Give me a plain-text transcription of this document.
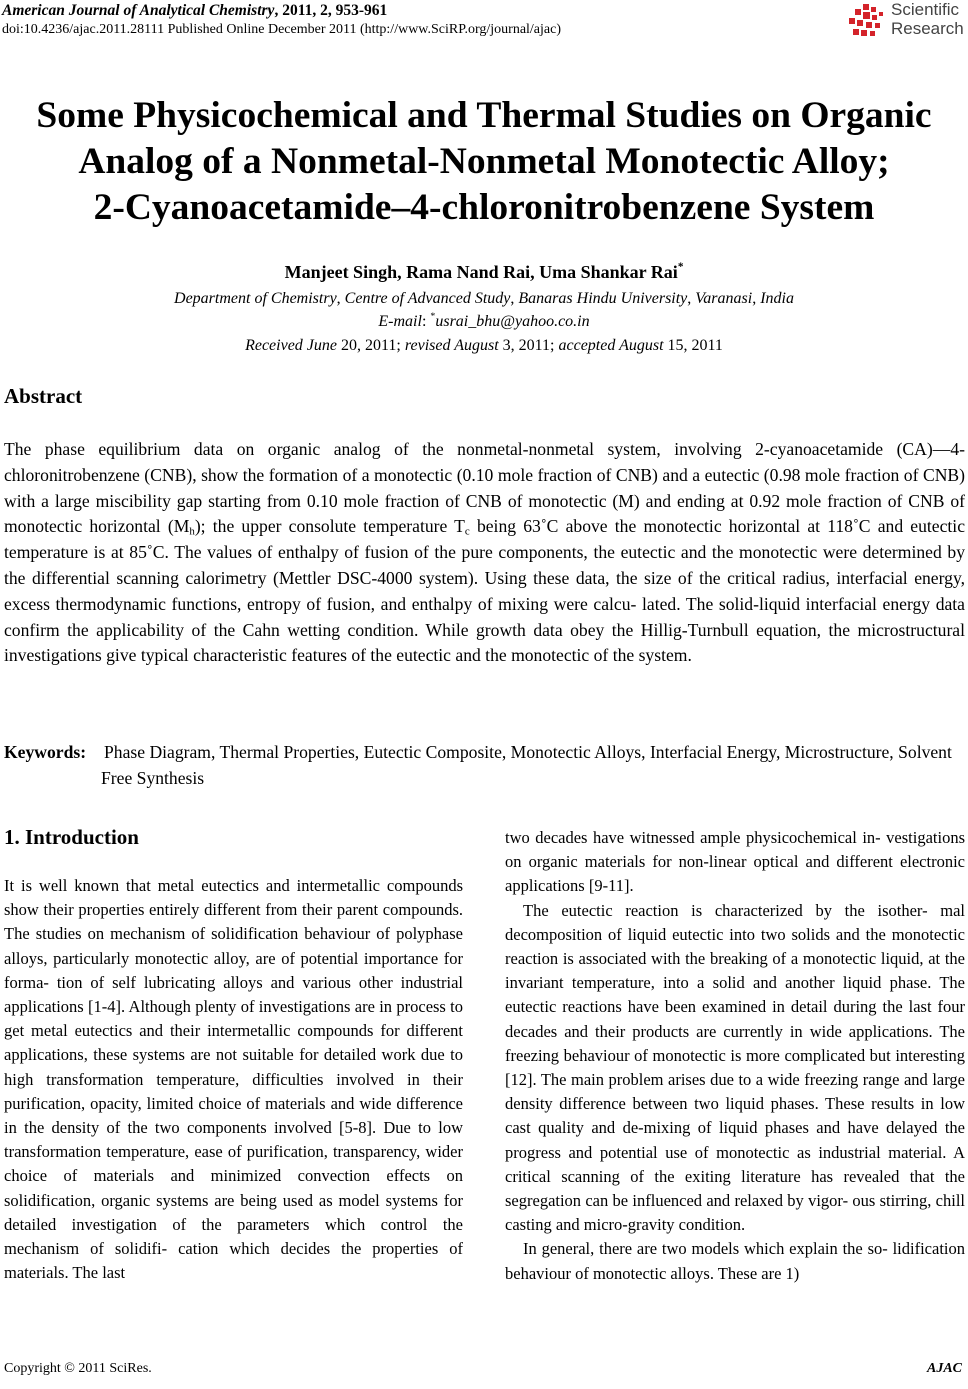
American Journal of Analytical Chemistry, 2011, 2, 953-961
doi:10.4236/ajac.2011.28111 Published Online December 2011 (http://www.SciRP.org/journal/ajac)
Scientific
Research
Some Physicochemical and Thermal Studies on Organic
Analog of a Nonmetal-Nonmetal Monotectic Alloy;
2-Cyanoacetamide–4-chloronitrobenzene System
Manjeet Singh, Rama Nand Rai, Uma Shankar Rai*
Department of Chemistry, Centre of Advanced Study, Banaras Hindu University, Varanasi, India
E-mail: *usrai_bhu@yahoo.co.in
Received June 20, 2011; revised August 3, 2011; accepted August 15, 2011
Abstract
The phase equilibrium data on organic analog of the nonmetal-nonmetal system, involving 2-cyanoacetamide (CA)―4-chloronitrobenzene (CNB), show the formation of a monotectic (0.10 mole fraction of CNB) and a eutectic (0.98 mole fraction of CNB) with a large miscibility gap starting from 0.10 mole fraction of CNB of monotectic (M) and ending at 0.92 mole fraction of CNB of monotectic horizontal $(M_h)$; the upper consolute temperature $T_c$ being 63˚C above the monotectic horizontal at 118˚C and eutectic temperature is at 85˚C. The values of enthalpy of fusion of the pure components, the eutectic and the monotectic were determined by the differential scanning calorimetry (Mettler DSC-4000 system). Using these data, the size of the critical radius, interfacial energy, excess thermodynamic functions, entropy of fusion, and enthalpy of mixing were calcu- lated. The solid-liquid interfacial energy data confirm the applicability of the Cahn wetting condition. While growth data obey the Hillig-Turnbull equation, the microstructural investigations give typical characteristic features of the eutectic and the monotectic of the system.
Keywords: Phase Diagram, Thermal Properties, Eutectic Composite, Monotectic Alloys, Interfacial Energy, Microstructure, Solvent Free Synthesis
1. Introduction

It is well known that metal eutectics and intermetallic compounds show their properties entirely different from their parent compounds. The studies on mechanism of solidification behaviour of polyphase alloys, particularly monotectic alloy, are of potential importance for forma- tion of self lubricating alloys and various other industrial applications [1-4]. Although plenty of investigations are in process to get metal eutectics and their intermetallic compounds for different applications, these systems are not suitable for detailed work due to high transformation temperature, difficulties involved in their purification, opacity, limited choice of materials and wide difference in the density of the two components involved [5-8]. Due to low transformation temperature, ease of purification, transparency, wider choice of materials and minimized convection effects on solidification, organic systems are being used as model systems for detailed investigation of the parameters which control the mechanism of solidifi- cation which decides the properties of materials. The last

two decades have witnessed ample physicochemical in- vestigations on organic materials for non-linear optical and different electronic applications [9-11].

The eutectic reaction is characterized by the isother- mal decomposition of liquid eutectic into two solids and the monotectic reaction is associated with the breaking of a monotectic liquid, at the invariant temperature, into a solid and another liquid phase. The eutectic reactions have been examined in detail during the last four decades and their products are currently in wide applications. The freezing behaviour of monotectic is more complicated but interesting [12]. The main problem arises due to a wide freezing range and large density difference between two liquid phases. These results in low cast quality and de-mixing of liquid phases and have delayed the progress and potential use of monotectic as industrial material. A critical scanning of the exiting literature has revealed that the segregation can be influenced and relaxed by vigor- ous stirring, chill casting and micro-gravity condition.

In general, there are two models which explain the so- lidification behaviour of monotectic alloys. These are 1)

Copyright © 2011 SciRes.	AJAC
